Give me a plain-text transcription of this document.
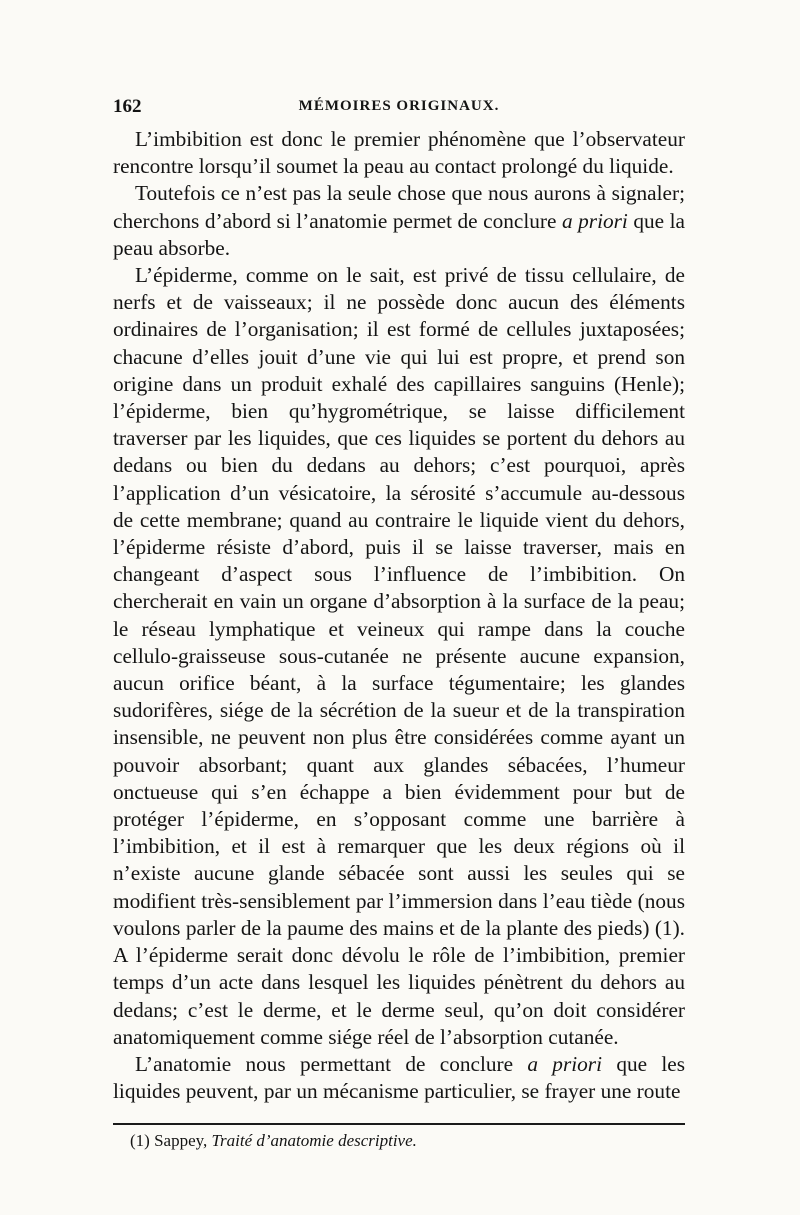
162	MÉMOIRES ORIGINAUX.

L’imbibition est donc le premier phénomène que l’observateur rencontre lorsqu’il soumet la peau au contact prolongé du liquide.

Toutefois ce n’est pas la seule chose que nous aurons à signaler; cherchons d’abord si l’anatomie permet de conclure a priori que la peau absorbe.

L’épiderme, comme on le sait, est privé de tissu cellulaire, de nerfs et de vaisseaux; il ne possède donc aucun des éléments ordinaires de l’organisation; il est formé de cellules juxtaposées; chacune d’elles jouit d’une vie qui lui est propre, et prend son origine dans un produit exhalé des capillaires sanguins (Henle); l’épiderme, bien qu’hygrométrique, se laisse difficilement traverser par les liquides, que ces liquides se portent du dehors au dedans ou bien du dedans au dehors; c’est pourquoi, après l’application d’un vésicatoire, la sérosité s’accumule au-dessous de cette membrane; quand au contraire le liquide vient du dehors, l’épiderme résiste d’abord, puis il se laisse traverser, mais en changeant d’aspect sous l’influence de l’imbibition. On chercherait en vain un organe d’absorption à la surface de la peau; le réseau lymphatique et veineux qui rampe dans la couche cellulo-graisseuse sous-cutanée ne présente aucune expansion, aucun orifice béant, à la surface tégumentaire; les glandes sudorifères, siége de la sécrétion de la sueur et de la transpiration insensible, ne peuvent non plus être considérées comme ayant un pouvoir absorbant; quant aux glandes sébacées, l’humeur onctueuse qui s’en échappe a bien évidemment pour but de protéger l’épiderme, en s’opposant comme une barrière à l’imbibition, et il est à remarquer que les deux régions où il n’existe aucune glande sébacée sont aussi les seules qui se modifient très-sensiblement par l’immersion dans l’eau tiède (nous voulons parler de la paume des mains et de la plante des pieds) (1). A l’épiderme serait donc dévolu le rôle de l’imbibition, premier temps d’un acte dans lesquel les liquides pénètrent du dehors au dedans; c’est le derme, et le derme seul, qu’on doit considérer anatomiquement comme siége réel de l’absorption cutanée.

L’anatomie nous permettant de conclure a priori que les liquides peuvent, par un mécanisme particulier, se frayer une route

(1) Sappey, Traité d’anatomie descriptive.
